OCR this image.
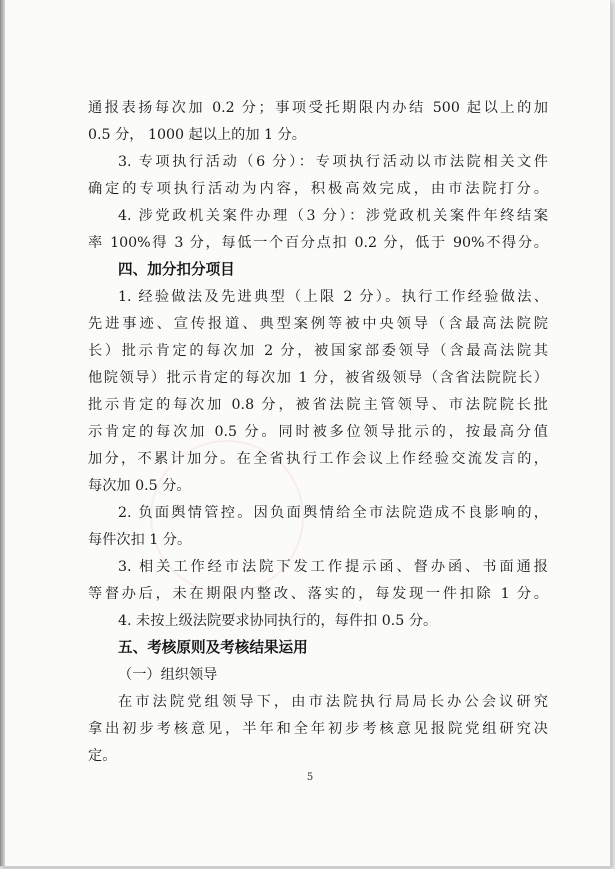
通报表扬每次加 0.2 分；事项受托期限内办结 500 起以上的加
0.5 分， 1000 起以上的加 1 分。
3. 专项执行活动（6 分）：专项执行活动以市法院相关文件
确定的专项执行活动为内容，积极高效完成，由市法院打分。
4. 涉党政机关案件办理（3 分）：涉党政机关案件年终结案
率 100%得 3 分，每低一个百分点扣 0.2 分，低于 90%不得分。
四、加分扣分项目
1. 经验做法及先进典型（上限 2 分）。执行工作经验做法、
先进事迹、宣传报道、典型案例等被中央领导（含最高法院院
长）批示肯定的每次加 2 分，被国家部委领导（含最高法院其
他院领导）批示肯定的每次加 1 分，被省级领导（含省法院院长）
批示肯定的每次加 0.8 分，被省法院主管领导、市法院院长批
示肯定的每次加 0.5 分。同时被多位领导批示的，按最高分值
加分，不累计加分。在全省执行工作会议上作经验交流发言的，
每次加 0.5 分。
2. 负面舆情管控。因负面舆情给全市法院造成不良影响的，
每件次扣 1 分。
3. 相关工作经市法院下发工作提示函、督办函、书面通报
等督办后，未在期限内整改、落实的，每发现一件扣除 1 分。
4. 未按上级法院要求协同执行的，每件扣 0.5 分。
五、考核原则及考核结果运用
（一）组织领导
在市法院党组领导下，由市法院执行局局长办公会议研究
拿出初步考核意见，半年和全年初步考核意见报院党组研究决
定。
5
